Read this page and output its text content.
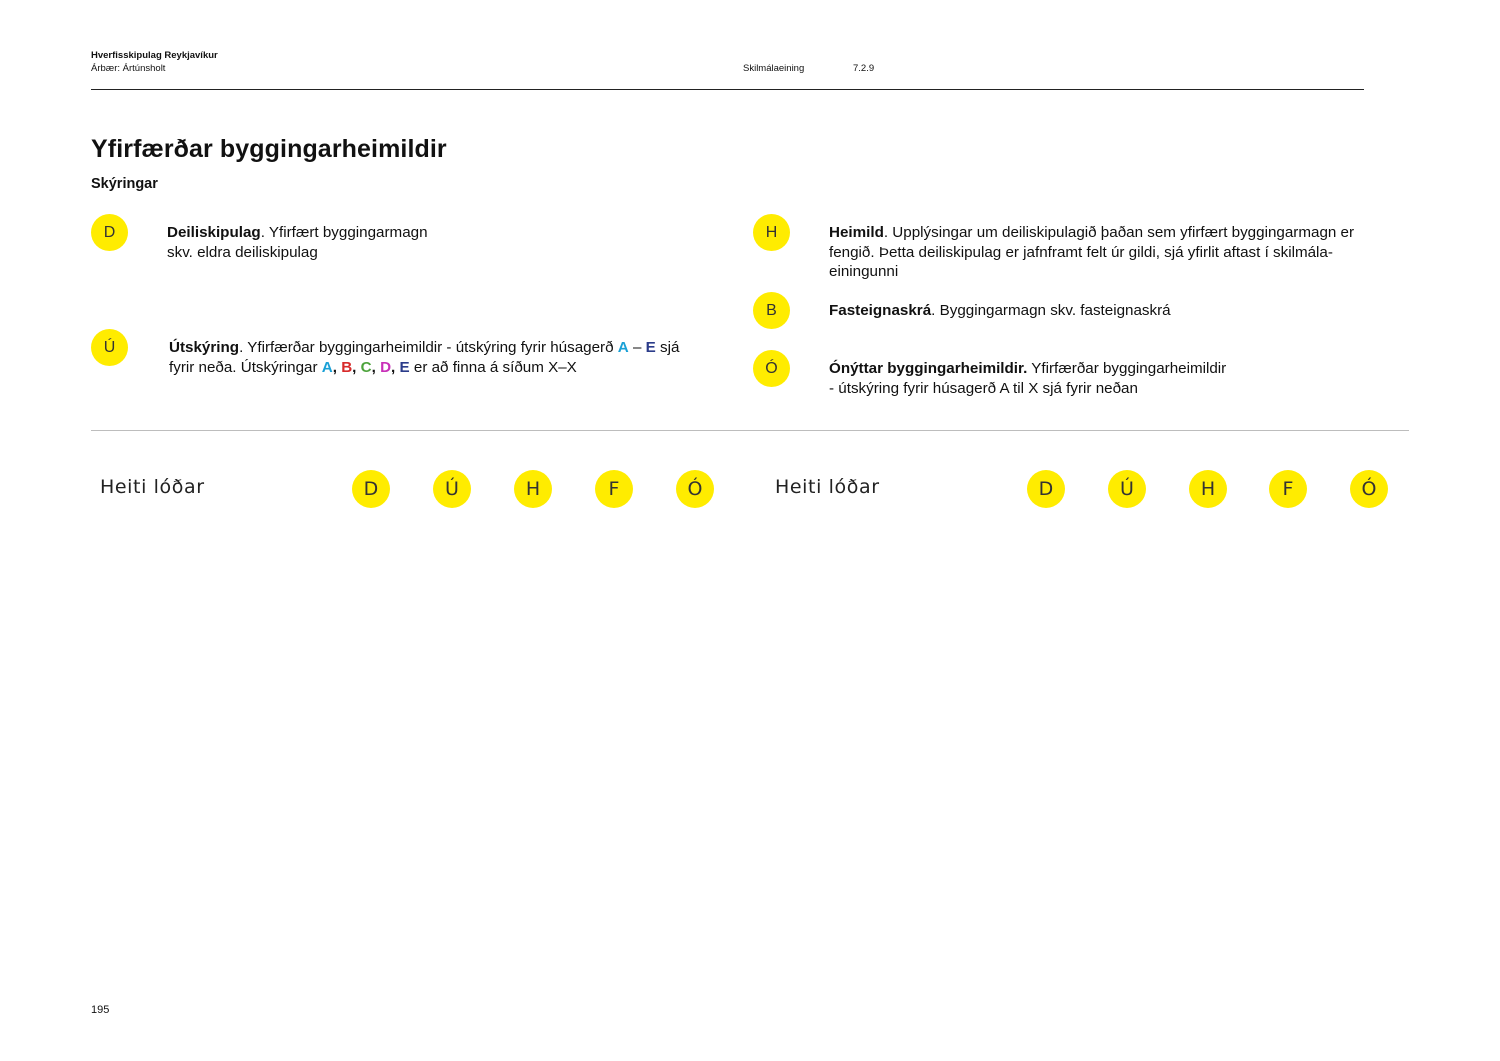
Hverfisskipulag Reykjavíkur
Árbær: Ártúnsholt	Skilmálaeining	7.2.9
Yfirfærðar byggingarheimildir
Skýringar
D	Deiliskipulag. Yfirfært byggingarmagn
skv. eldra deiliskipulag
Ú	Útskýring. Yfirfærðar byggingarheimildir - útskýring fyrir húsagerð A – E sjá
fyrir neða. Útskýringar A, B, C, D, E er að finna á síðum X–X
H	Heimild. Upplýsingar um deiliskipulagið þaðan sem yfirfært byggingarmagn er
fengið. Þetta deiliskipulag er jafnframt felt úr gildi, sjá yfirlit aftast í skilmála-
einingunni
B	Fasteignaskrá. Byggingarmagn skv. fasteignaskrá
Ó	Ónýttar byggingarheimildir. Yfirfærðar byggingarheimildir
- útskýring fyrir húsagerð A til X sjá fyrir neðan
Heiti lóðar	D	Ú	H	F	Ó	Heiti lóðar	D	Ú	H	F	Ó
195
